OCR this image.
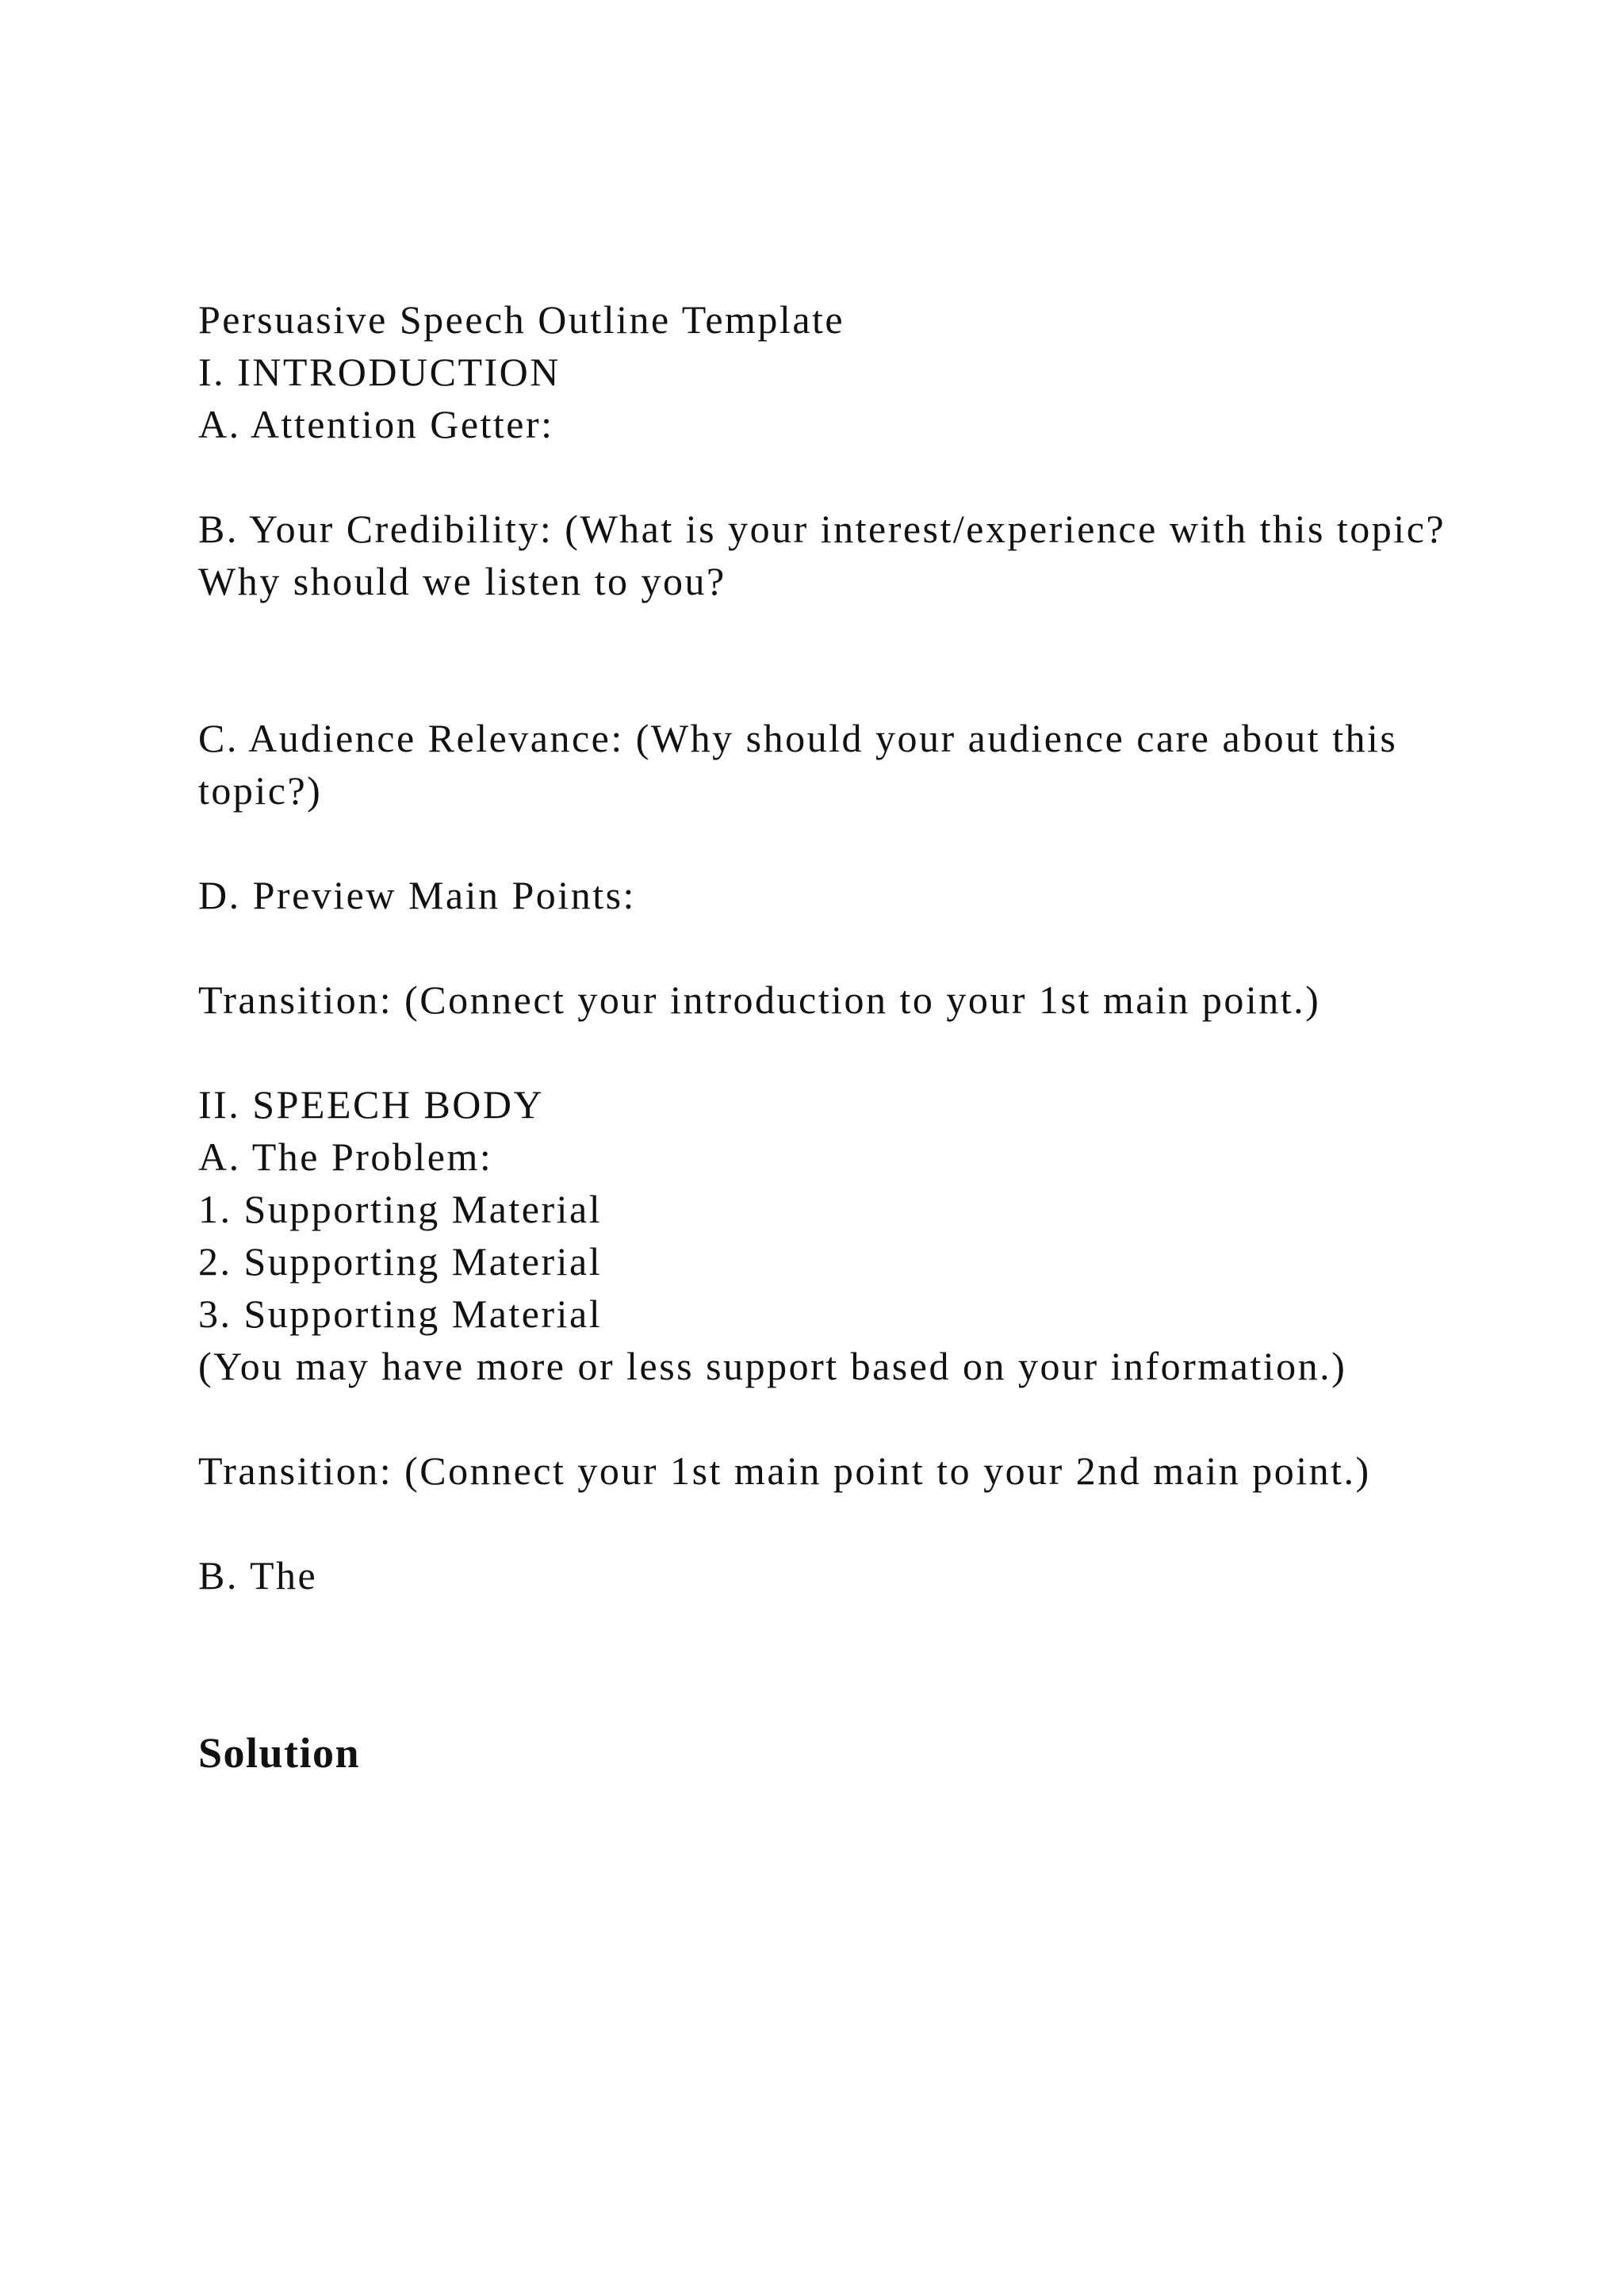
Persuasive Speech Outline Template

I. INTRODUCTION

A. Attention Getter:

B. Your Credibility: (What is your interest/experience with this topic?  Why should we listen to you?

C. Audience Relevance: (Why should your audience care about this topic?)

D. Preview Main Points:

Transition: (Connect your introduction to your 1st main point.)

II. SPEECH BODY

A. The Problem:

1. Supporting Material

2. Supporting Material

3. Supporting Material

(You may have more or less support based on your information.)

Transition: (Connect your 1st main point to your 2nd main point.)

B. The

Solution
